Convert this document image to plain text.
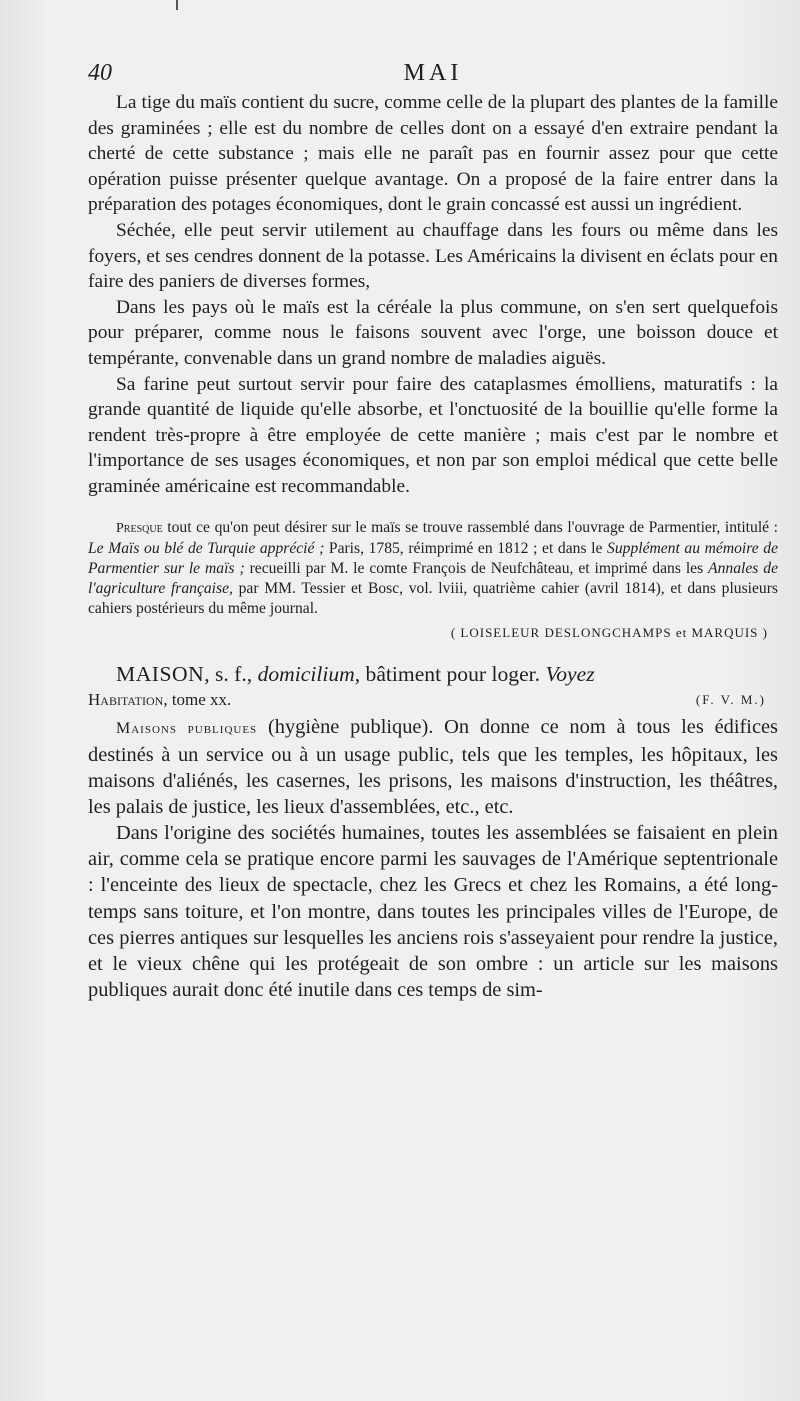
40	MAI

La tige du maïs contient du sucre, comme celle de la plupart des plantes de la famille des graminées ; elle est du nombre de celles dont on a essayé d'en extraire pendant la cherté de cette substance ; mais elle ne paraît pas en fournir assez pour que cette opération puisse présenter quelque avantage. On a proposé de la faire entrer dans la préparation des potages économiques, dont le grain concassé est aussi un ingrédient.

Séchée, elle peut servir utilement au chauffage dans les fours ou même dans les foyers, et ses cendres donnent de la potasse. Les Américains la divisent en éclats pour en faire des paniers de diverses formes,

Dans les pays où le maïs est la céréale la plus commune, on s'en sert quelquefois pour préparer, comme nous le faisons souvent avec l'orge, une boisson douce et tempérante, convenable dans un grand nombre de maladies aiguës.

Sa farine peut surtout servir pour faire des cataplasmes émolliens, maturatifs : la grande quantité de liquide qu'elle absorbe, et l'onctuosité de la bouillie qu'elle forme la rendent très-propre à être employée de cette manière ; mais c'est par le nombre et l'importance de ses usages économiques, et non par son emploi médical que cette belle graminée américaine est recommandable.

Presque tout ce qu'on peut désirer sur le maïs se trouve rassemblé dans l'ouvrage de Parmentier, intitulé : Le Maïs ou blé de Turquie apprécié ; Paris, 1785, réimprimé en 1812 ; et dans le Supplément au mémoire de Parmentier sur le maïs ; recueilli par M. le comte François de Neufchâteau, et imprimé dans les Annales de l'agriculture française, par MM. Tessier et Bosc, vol. lviii, quatrième cahier (avril 1814), et dans plusieurs cahiers postérieurs du même journal.

( LOISELEUR DESLONGCHAMPS et MARQUIS )

MAISON, s. f., domicilium, bâtiment pour loger. Voyez

Habitation, tome xx.	(F. V. M.)

Maisons publiques (hygiène publique). On donne ce nom à tous les édifices destinés à un service ou à un usage public, tels que les temples, les hôpitaux, les maisons d'aliénés, les casernes, les prisons, les maisons d'instruction, les théâtres, les palais de justice, les lieux d'assemblées, etc., etc.

Dans l'origine des sociétés humaines, toutes les assemblées se faisaient en plein air, comme cela se pratique encore parmi les sauvages de l'Amérique septentrionale : l'enceinte des lieux de spectacle, chez les Grecs et chez les Romains, a été long-temps sans toiture, et l'on montre, dans toutes les principales villes de l'Europe, de ces pierres antiques sur lesquelles les anciens rois s'asseyaient pour rendre la justice, et le vieux chêne qui les protégeait de son ombre : un article sur les maisons publiques aurait donc été inutile dans ces temps de sim-
